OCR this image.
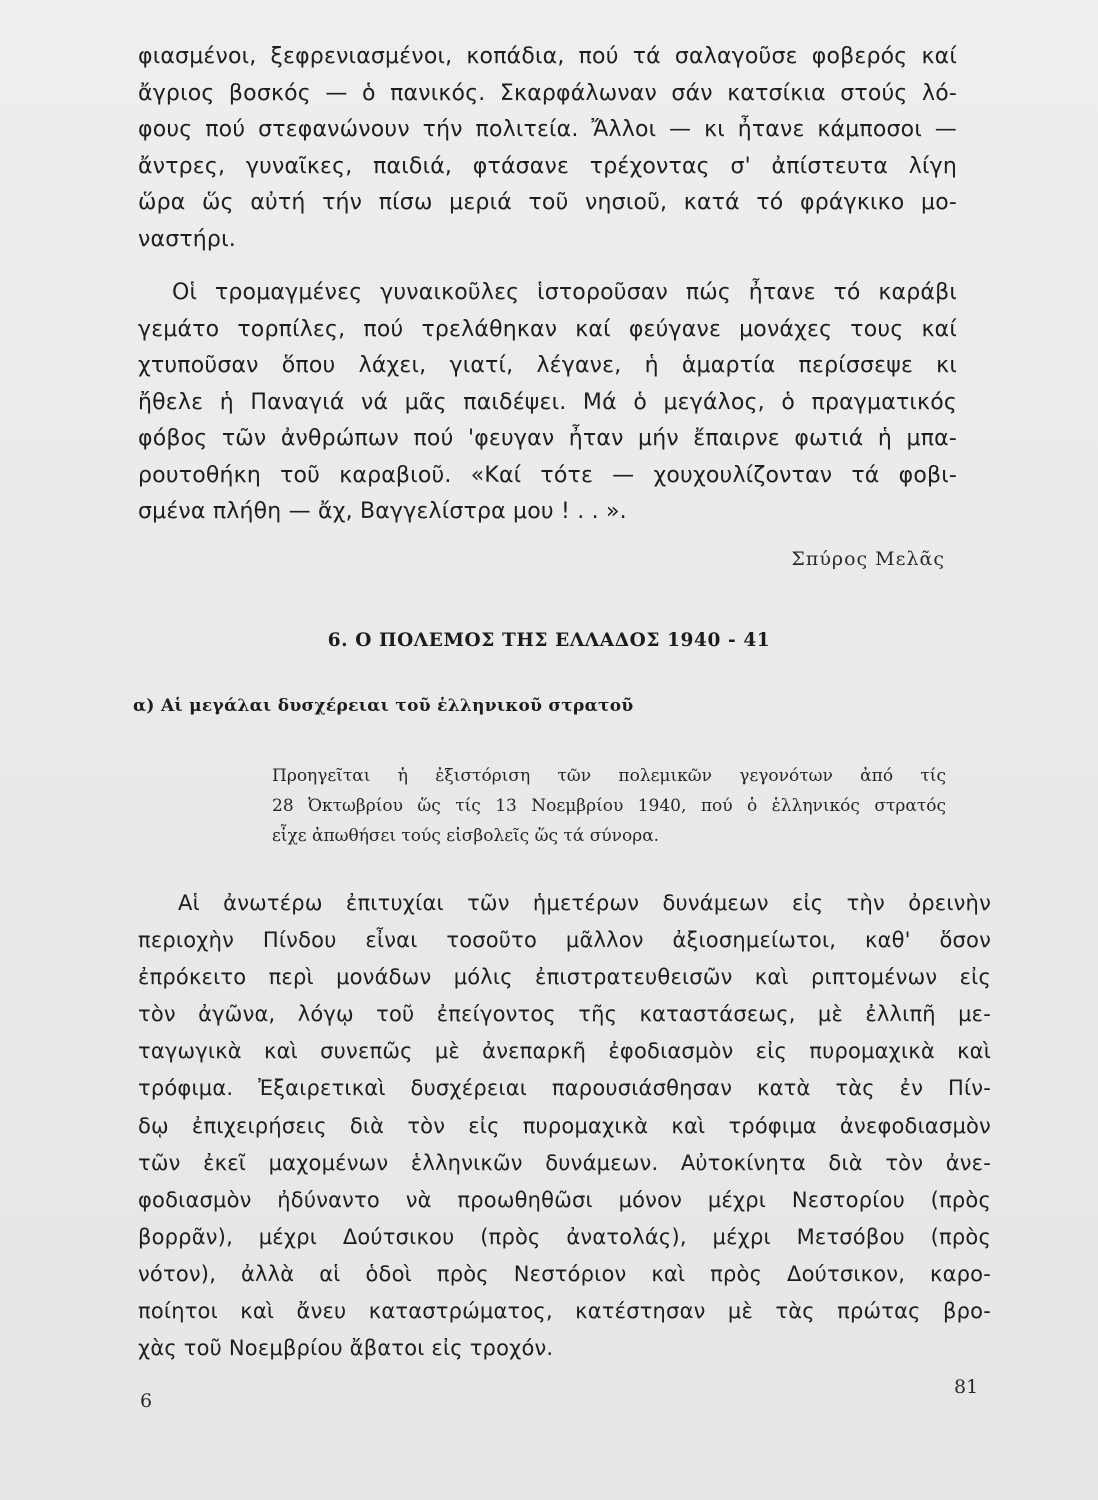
φιασμένοι, ξεφρενιασμένοι, κοπάδια, πού τά σαλαγοῦσε φοβερός καί
ἄγριος βοσκός — ὁ πανικός. Σκαρφάλωναν σάν κατσίκια στούς λό-
φους πού στεφανώνουν τήν πολιτεία. Ἄλλοι — κι ἦτανε κάμποσοι —
ἄντρες, γυναῖκες, παιδιά, φτάσανε τρέχοντας σ' ἀπίστευτα λίγη
ὥρα ὥς αὐτή τήν πίσω μεριά τοῦ νησιοῦ, κατά τό φράγκικο μο-
ναστήρι.
Οἱ τρομαγμένες γυναικοῦλες ἱστοροῦσαν πώς ἦτανε τό καράβι
γεμάτο τορπίλες, πού τρελάθηκαν καί φεύγανε μονάχες τους καί
χτυποῦσαν ὅπου λάχει, γιατί, λέγανε, ἡ ἁμαρτία περίσσεψε κι
ἤθελε ἡ Παναγιά νά μᾶς παιδέψει. Μά ὁ μεγάλος, ὁ πραγματικός
φόβος τῶν ἀνθρώπων πού 'φευγαν ἦταν μήν ἔπαιρνε φωτιά ἡ μπα-
ρουτοθήκη τοῦ καραβιοῦ. «Καί τότε — χουχουλίζονταν τά φοβι-
σμένα πλήθη — ἄχ, Βαγγελίστρα μου ! . . ».
Σπύρος Μελᾶς
6. Ο ΠΟΛΕΜΟΣ ΤΗΣ ΕΛΛΑΔΟΣ 1940 - 41
α) Αἱ μεγάλαι δυσχέρειαι τοῦ ἑλληνικοῦ στρατοῦ
Προηγεῖται ἡ ἐξιστόριση τῶν πολεμικῶν γεγονότων ἀπό τίς
28 Ὀκτωβρίου ὥς τίς 13 Νοεμβρίου 1940, πού ὁ ἑλληνικός στρατός
εἶχε ἀπωθήσει τούς εἰσβολεῖς ὥς τά σύνορα.
Αἱ ἀνωτέρω ἐπιτυχίαι τῶν ἡμετέρων δυνάμεων εἰς τὴν ὀρεινὴν
περιοχὴν Πίνδου εἶναι τοσοῦτο μᾶλλον ἀξιοσημείωτοι, καθ' ὅσον
ἐπρόκειτο περὶ μονάδων μόλις ἐπιστρατευθεισῶν καὶ ριπτομένων εἰς
τὸν ἀγῶνα, λόγῳ τοῦ ἐπείγοντος τῆς καταστάσεως, μὲ ἐλλιπῆ με-
ταγωγικὰ καὶ συνεπῶς μὲ ἀνεπαρκῆ ἐφοδιασμὸν εἰς πυρομαχικὰ καὶ
τρόφιμα. Ἐξαιρετικαὶ δυσχέρειαι παρουσιάσθησαν κατὰ τὰς ἐν Πίν-
δῳ ἐπιχειρήσεις διὰ τὸν εἰς πυρομαχικὰ καὶ τρόφιμα ἀνεφοδιασμὸν
τῶν ἐκεῖ μαχομένων ἑλληνικῶν δυνάμεων. Αὐτοκίνητα διὰ τὸν ἀνε-
φοδιασμὸν ἠδύναντο νὰ προωθηθῶσι μόνον μέχρι Νεστορίου (πρὸς
βορρᾶν), μέχρι Δούτσικου (πρὸς ἀνατολάς), μέχρι Μετσόβου (πρὸς
νότον), ἀλλὰ αἱ ὁδοὶ πρὸς Νεστόριον καὶ πρὸς Δούτσικον, καρο-
ποίητοι καὶ ἄνευ καταστρώματος, κατέστησαν μὲ τὰς πρώτας βρο-
χὰς τοῦ Νοεμβρίου ἄβατοι εἰς τροχόν.
6
81
